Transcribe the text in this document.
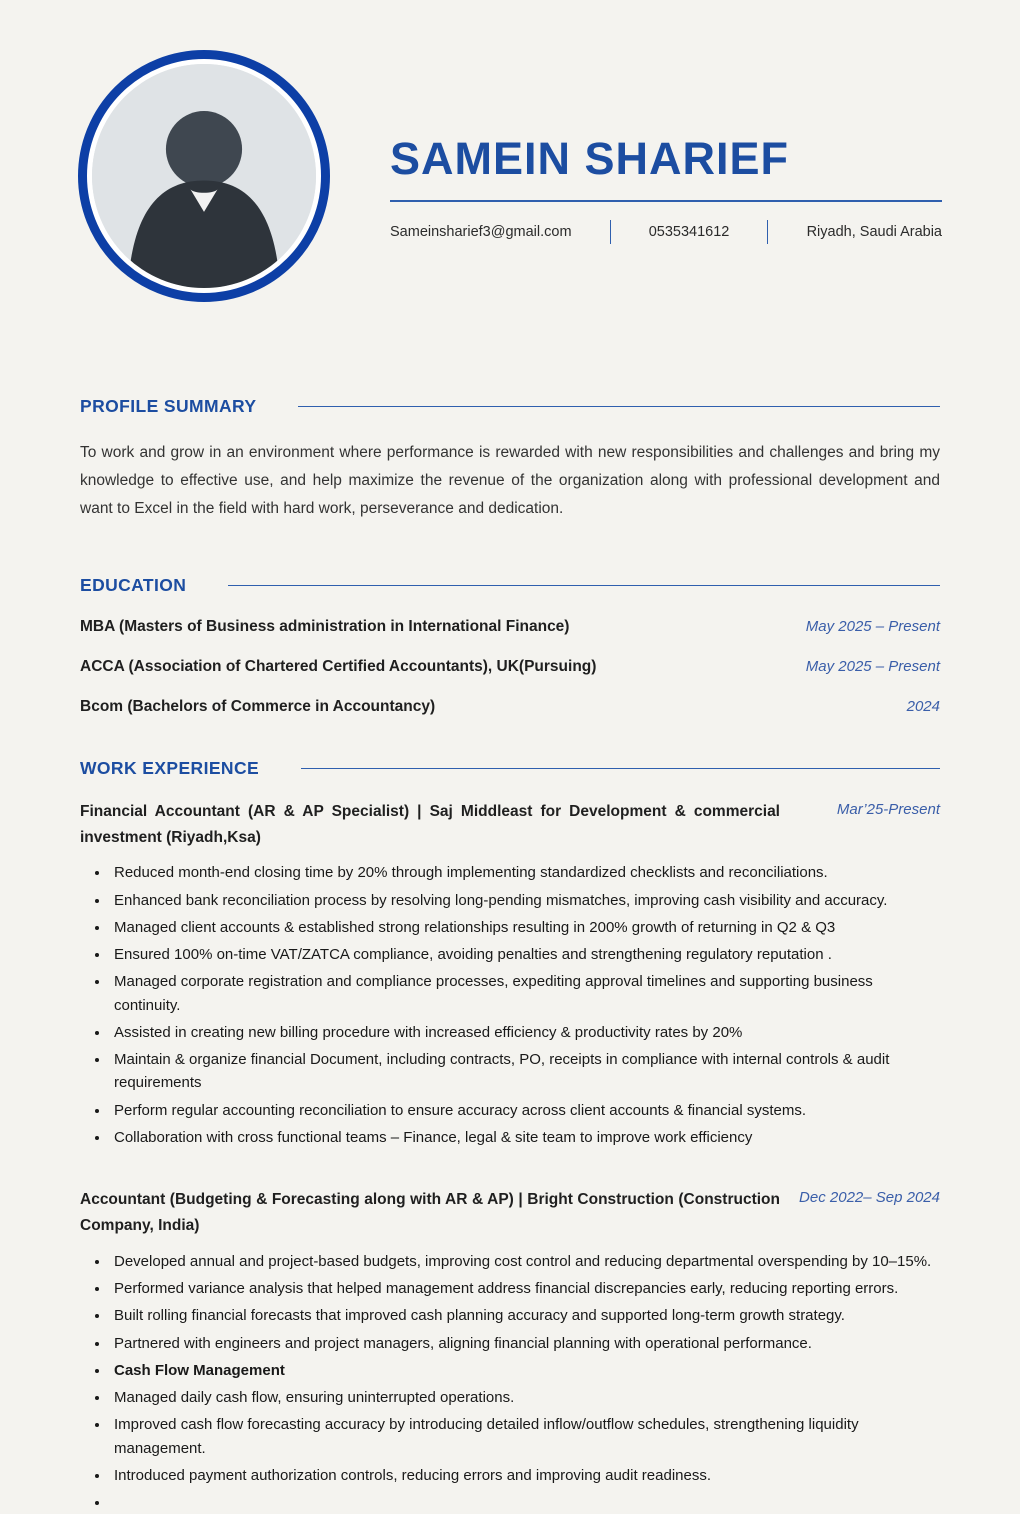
SAMEIN SHARIEF
Sameinsharief3@gmail.com	0535341612	Riyadh, Saudi Arabia
PROFILE SUMMARY

To work and grow in an environment where performance is rewarded with new responsibilities and challenges and bring my knowledge to effective use, and help maximize the revenue of the organization along with professional development and want to Excel in the field with hard work, perseverance and dedication.

EDUCATION
MBA (Masters of Business administration in International Finance)	May 2025 – Present
ACCA (Association of Chartered Certified Accountants), UK(Pursuing)	May 2025 – Present
Bcom (Bachelors of Commerce in Accountancy)	2024
WORK EXPERIENCE
Financial Accountant (AR & AP Specialist) | Saj Middleast for Development & commercial investment (Riyadh,Ksa)
Mar’25-Present
• Reduced month-end closing time by 20% through implementing standardized checklists and reconciliations.
• Enhanced bank reconciliation process by resolving long-pending mismatches, improving cash visibility and accuracy.
• Managed client accounts & established strong relationships resulting in 200% growth of returning in Q2 & Q3
• Ensured 100% on-time VAT/ZATCA compliance, avoiding penalties and strengthening regulatory reputation .
• Managed corporate registration and compliance processes, expediting approval timelines and supporting business continuity.
• Assisted in creating new billing procedure with increased efficiency & productivity rates by 20%
• Maintain & organize financial Document, including contracts, PO, receipts in compliance with internal controls & audit requirements
• Perform regular accounting reconciliation to ensure accuracy across client accounts & financial systems.
• Collaboration with cross functional teams – Finance, legal & site team to improve work efficiency
Accountant (Budgeting & Forecasting along with AR & AP) | Bright Construction (Construction Company, India)
Dec 2022– Sep 2024
• Developed annual and project-based budgets, improving cost control and reducing departmental overspending by 10–15%.
• Performed variance analysis that helped management address financial discrepancies early, reducing reporting errors.
• Built rolling financial forecasts that improved cash planning accuracy and supported long-term growth strategy.
• Partnered with engineers and project managers, aligning financial planning with operational performance.
• Cash Flow Management
• Managed daily cash flow, ensuring uninterrupted operations.
• Improved cash flow forecasting accuracy by introducing detailed inflow/outflow schedules, strengthening liquidity management.
• Introduced payment authorization controls, reducing errors and improving audit readiness.
•
